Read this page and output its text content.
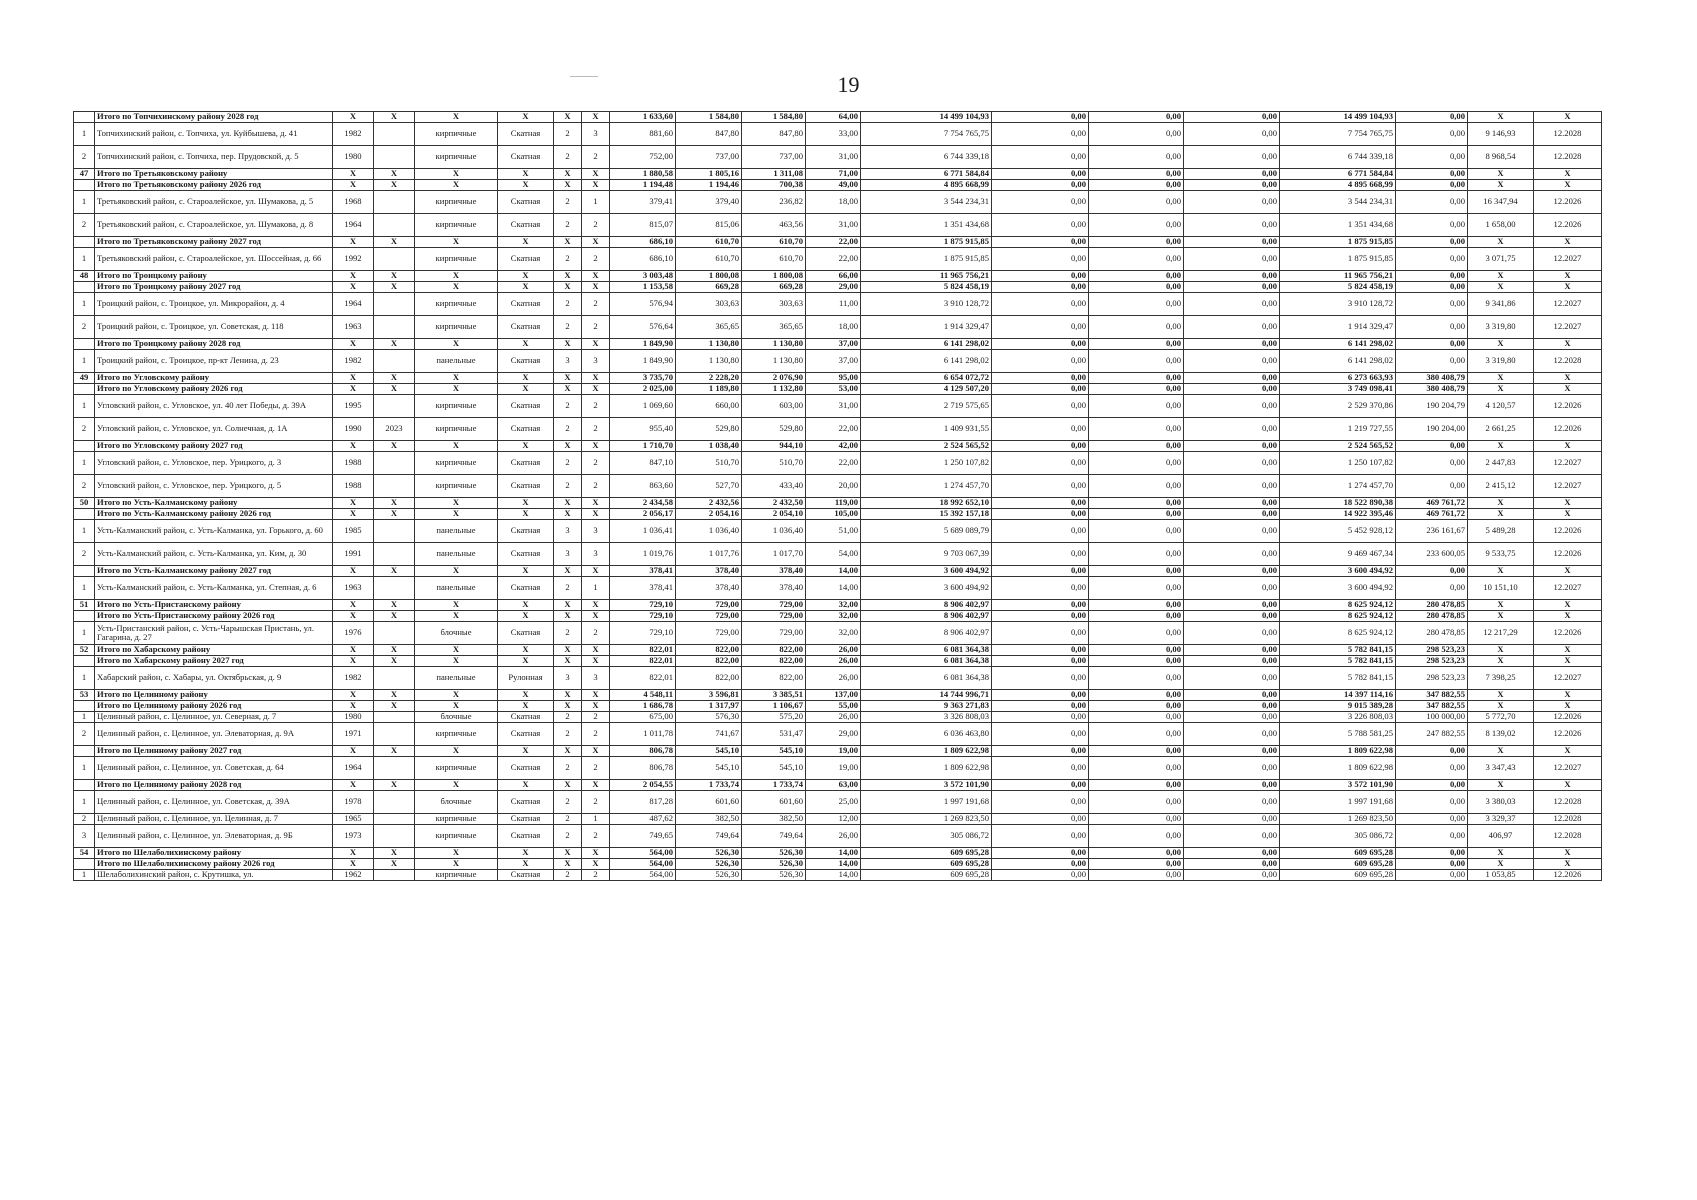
19
	Итого по Топчихинскому району 2028 год	X	X	X	X	X	X	1 633,60	1 584,80	1 584,80	64,00	14 499 104,93	0,00	0,00	0,00	14 499 104,93	0,00	X	X
1	Топчихинский район, с. Топчиха, ул. Куйбышева, д. 41	1982		кирпичные	Скатная	2	3	881,60	847,80	847,80	33,00	7 754 765,75	0,00	0,00	0,00	7 754 765,75	0,00	9 146,93	12.2028
2	Топчихинский район, с. Топчиха, пер. Прудовской, д. 5	1980		кирпичные	Скатная	2	2	752,00	737,00	737,00	31,00	6 744 339,18	0,00	0,00	0,00	6 744 339,18	0,00	8 968,54	12.2028
47	Итого по Третьяковскому району	X	X	X	X	X	X	1 880,58	1 805,16	1 311,08	71,00	6 771 584,84	0,00	0,00	0,00	6 771 584,84	0,00	X	X
	Итого по Третьяковскому району 2026 год	X	X	X	X	X	X	1 194,48	1 194,46	700,38	49,00	4 895 668,99	0,00	0,00	0,00	4 895 668,99	0,00	X	X
1	Третьяковский район, с. Староалейское, ул. Шумакова, д. 5	1968		кирпичные	Скатная	2	1	379,41	379,40	236,82	18,00	3 544 234,31	0,00	0,00	0,00	3 544 234,31	0,00	16 347,94	12.2026
2	Третьяковский район, с. Староалейское, ул. Шумакова, д. 8	1964		кирпичные	Скатная	2	2	815,07	815,06	463,56	31,00	1 351 434,68	0,00	0,00	0,00	1 351 434,68	0,00	1 658,00	12.2026
	Итого по Третьяковскому району 2027 год	X	X	X	X	X	X	686,10	610,70	610,70	22,00	1 875 915,85	0,00	0,00	0,00	1 875 915,85	0,00	X	X
1	Третьяковский район, с. Староалейское, ул. Шоссейная, д. 66	1992		кирпичные	Скатная	2	2	686,10	610,70	610,70	22,00	1 875 915,85	0,00	0,00	0,00	1 875 915,85	0,00	3 071,75	12.2027
48	Итого по Троицкому району	X	X	X	X	X	X	3 003,48	1 800,08	1 800,08	66,00	11 965 756,21	0,00	0,00	0,00	11 965 756,21	0,00	X	X
	Итого по Троицкому району 2027 год	X	X	X	X	X	X	1 153,58	669,28	669,28	29,00	5 824 458,19	0,00	0,00	0,00	5 824 458,19	0,00	X	X
1	Троицкий район, с. Троицкое, ул. Микрорайон, д. 4	1964		кирпичные	Скатная	2	2	576,94	303,63	303,63	11,00	3 910 128,72	0,00	0,00	0,00	3 910 128,72	0,00	9 341,86	12.2027
2	Троицкий район, с. Троицкое, ул. Советская, д. 118	1963		кирпичные	Скатная	2	2	576,64	365,65	365,65	18,00	1 914 329,47	0,00	0,00	0,00	1 914 329,47	0,00	3 319,80	12.2027
	Итого по Троицкому району 2028 год	X	X	X	X	X	X	1 849,90	1 130,80	1 130,80	37,00	6 141 298,02	0,00	0,00	0,00	6 141 298,02	0,00	X	X
1	Троицкий район, с. Троицкое, пр-кт Ленина, д. 23	1982		панельные	Скатная	3	3	1 849,90	1 130,80	1 130,80	37,00	6 141 298,02	0,00	0,00	0,00	6 141 298,02	0,00	3 319,80	12.2028
49	Итого по Угловскому району	X	X	X	X	X	X	3 735,70	2 228,20	2 076,90	95,00	6 654 072,72	0,00	0,00	0,00	6 273 663,93	380 408,79	X	X
	Итого по Угловскому району 2026 год	X	X	X	X	X	X	2 025,00	1 189,80	1 132,80	53,00	4 129 507,20	0,00	0,00	0,00	3 749 098,41	380 408,79	X	X
1	Угловский район, с. Угловское, ул. 40 лет Победы, д. 39А	1995		кирпичные	Скатная	2	2	1 069,60	660,00	603,00	31,00	2 719 575,65	0,00	0,00	0,00	2 529 370,86	190 204,79	4 120,57	12.2026
2	Угловский район, с. Угловское, ул. Солнечная, д. 1А	1990	2023	кирпичные	Скатная	2	2	955,40	529,80	529,80	22,00	1 409 931,55	0,00	0,00	0,00	1 219 727,55	190 204,00	2 661,25	12.2026
	Итого по Угловскому району 2027 год	X	X	X	X	X	X	1 710,70	1 038,40	944,10	42,00	2 524 565,52	0,00	0,00	0,00	2 524 565,52	0,00	X	X
1	Угловский район, с. Угловское, пер. Урицкого, д. 3	1988		кирпичные	Скатная	2	2	847,10	510,70	510,70	22,00	1 250 107,82	0,00	0,00	0,00	1 250 107,82	0,00	2 447,83	12.2027
2	Угловский район, с. Угловское, пер. Урицкого, д. 5	1988		кирпичные	Скатная	2	2	863,60	527,70	433,40	20,00	1 274 457,70	0,00	0,00	0,00	1 274 457,70	0,00	2 415,12	12.2027
50	Итого по Усть-Калманскому району	X	X	X	X	X	X	2 434,58	2 432,56	2 432,50	119,00	18 992 652,10	0,00	0,00	0,00	18 522 890,38	469 761,72	X	X
	Итого по Усть-Калманскому району 2026 год	X	X	X	X	X	X	2 056,17	2 054,16	2 054,10	105,00	15 392 157,18	0,00	0,00	0,00	14 922 395,46	469 761,72	X	X
1	Усть-Калманский район, с. Усть-Калманка, ул. Горького, д. 60	1985		панельные	Скатная	3	3	1 036,41	1 036,40	1 036,40	51,00	5 689 089,79	0,00	0,00	0,00	5 452 928,12	236 161,67	5 489,28	12.2026
2	Усть-Калманский район, с. Усть-Калманка, ул. Ким, д. 30	1991		панельные	Скатная	3	3	1 019,76	1 017,76	1 017,70	54,00	9 703 067,39	0,00	0,00	0,00	9 469 467,34	233 600,05	9 533,75	12.2026
	Итого по Усть-Калманскому району 2027 год	X	X	X	X	X	X	378,41	378,40	378,40	14,00	3 600 494,92	0,00	0,00	0,00	3 600 494,92	0,00	X	X
1	Усть-Калманский район, с. Усть-Калманка, ул. Степная, д. 6	1963		панельные	Скатная	2	1	378,41	378,40	378,40	14,00	3 600 494,92	0,00	0,00	0,00	3 600 494,92	0,00	10 151,10	12.2027
51	Итого по Усть-Пристанскому району	X	X	X	X	X	X	729,10	729,00	729,00	32,00	8 906 402,97	0,00	0,00	0,00	8 625 924,12	280 478,85	X	X
	Итого по Усть-Пристанскому району 2026 год	X	X	X	X	X	X	729,10	729,00	729,00	32,00	8 906 402,97	0,00	0,00	0,00	8 625 924,12	280 478,85	X	X
1	Усть-Пристанский район, с. Усть-Чарышская Пристань, ул. Гагарина, д. 27	1976		блочные	Скатная	2	2	729,10	729,00	729,00	32,00	8 906 402,97	0,00	0,00	0,00	8 625 924,12	280 478,85	12 217,29	12.2026
52	Итого по Хабарскому району	X	X	X	X	X	X	822,01	822,00	822,00	26,00	6 081 364,38	0,00	0,00	0,00	5 782 841,15	298 523,23	X	X
	Итого по Хабарскому району 2027 год	X	X	X	X	X	X	822,01	822,00	822,00	26,00	6 081 364,38	0,00	0,00	0,00	5 782 841,15	298 523,23	X	X
1	Хабарский район, с. Хабары, ул. Октябрьская, д. 9	1982		панельные	Рулонная	3	3	822,01	822,00	822,00	26,00	6 081 364,38	0,00	0,00	0,00	5 782 841,15	298 523,23	7 398,25	12.2027
53	Итого по Целинному району	X	X	X	X	X	X	4 548,11	3 596,81	3 385,51	137,00	14 744 996,71	0,00	0,00	0,00	14 397 114,16	347 882,55	X	X
	Итого по Целинному району 2026 год	X	X	X	X	X	X	1 686,78	1 317,97	1 106,67	55,00	9 363 271,83	0,00	0,00	0,00	9 015 389,28	347 882,55	X	X
1	Целинный район, с. Целинное, ул. Северная, д. 7	1980		блочные	Скатная	2	2	675,00	576,30	575,20	26,00	3 326 808,03	0,00	0,00	0,00	3 226 808,03	100 000,00	5 772,70	12.2026
2	Целинный район, с. Целинное, ул. Элеваторная, д. 9А	1971		кирпичные	Скатная	2	2	1 011,78	741,67	531,47	29,00	6 036 463,80	0,00	0,00	0,00	5 788 581,25	247 882,55	8 139,02	12.2026
	Итого по Целинному району 2027 год	X	X	X	X	X	X	806,78	545,10	545,10	19,00	1 809 622,98	0,00	0,00	0,00	1 809 622,98	0,00	X	X
1	Целинный район, с. Целинное, ул. Советская, д. 64	1964		кирпичные	Скатная	2	2	806,78	545,10	545,10	19,00	1 809 622,98	0,00	0,00	0,00	1 809 622,98	0,00	3 347,43	12.2027
	Итого по Целинному району 2028 год	X	X	X	X	X	X	2 054,55	1 733,74	1 733,74	63,00	3 572 101,90	0,00	0,00	0,00	3 572 101,90	0,00	X	X
1	Целинный район, с. Целинное, ул. Советская, д. 39А	1978		блочные	Скатная	2	2	817,28	601,60	601,60	25,00	1 997 191,68	0,00	0,00	0,00	1 997 191,68	0,00	3 380,03	12.2028
2	Целинный район, с. Целинное, ул. Целинная, д. 7	1965		кирпичные	Скатная	2	1	487,62	382,50	382,50	12,00	1 269 823,50	0,00	0,00	0,00	1 269 823,50	0,00	3 329,37	12.2028
3	Целинный район, с. Целинное, ул. Элеваторная, д. 9Б	1973		кирпичные	Скатная	2	2	749,65	749,64	749,64	26,00	305 086,72	0,00	0,00	0,00	305 086,72	0,00	406,97	12.2028
54	Итого по Шелаболихинскому району	X	X	X	X	X	X	564,00	526,30	526,30	14,00	609 695,28	0,00	0,00	0,00	609 695,28	0,00	X	X
	Итого по Шелаболихинскому району 2026 год	X	X	X	X	X	X	564,00	526,30	526,30	14,00	609 695,28	0,00	0,00	0,00	609 695,28	0,00	X	X
1	Шелаболихинский район, с. Крутишка, ул.	1962		кирпичные	Скатная	2	2	564,00	526,30	526,30	14,00	609 695,28	0,00	0,00	0,00	609 695,28	0,00	1 053,85	12.2026
